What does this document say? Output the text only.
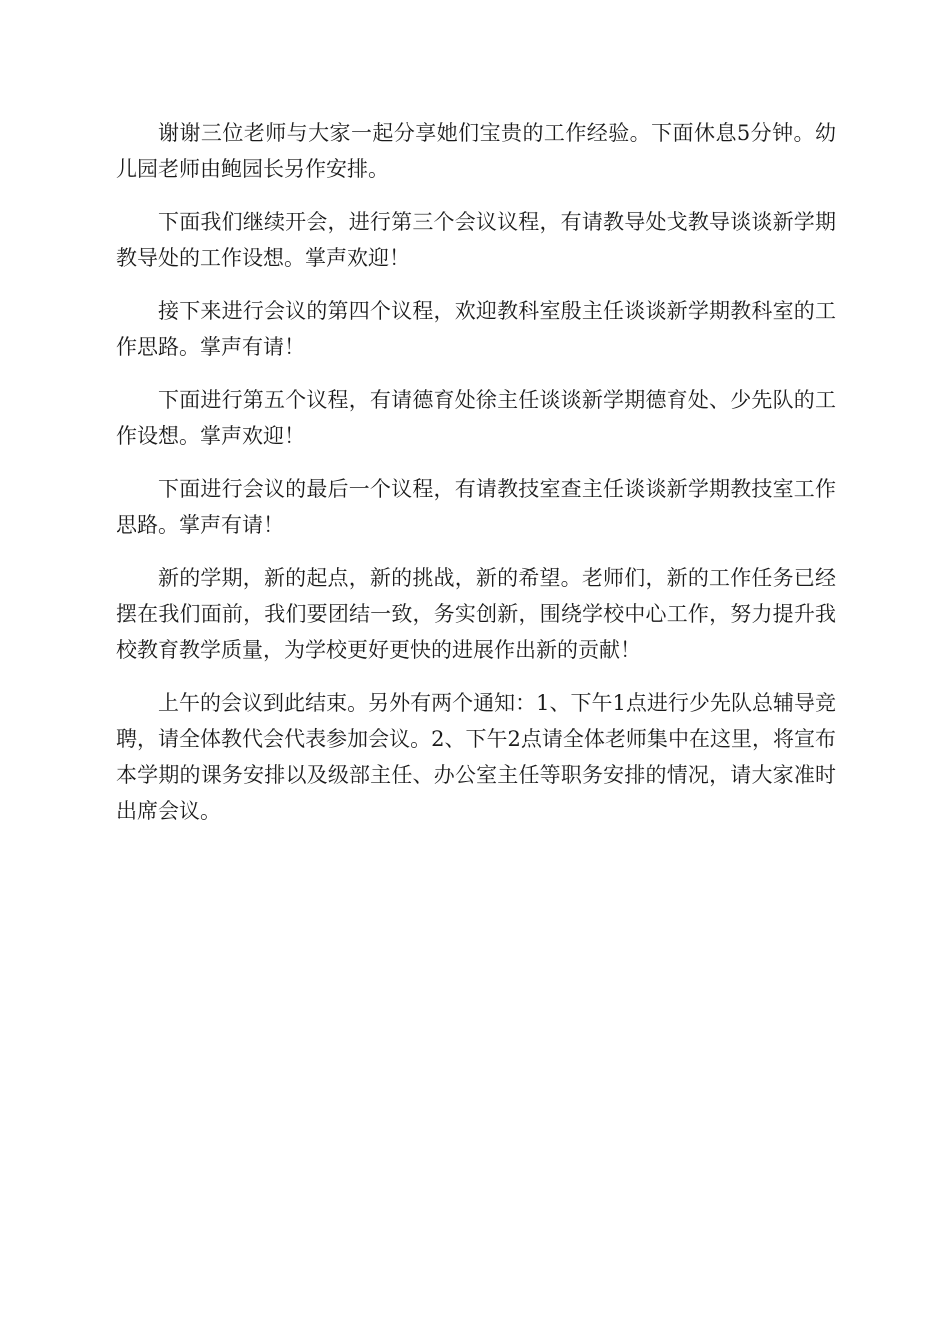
谢谢三位老师与大家一起分享她们宝贵的工作经验。下面休息5分钟。幼儿园老师由鲍园长另作安排。

下面我们继续开会，进行第三个会议议程，有请教导处戈教导谈谈新学期教导处的工作设想。掌声欢迎！

接下来进行会议的第四个议程，欢迎教科室殷主任谈谈新学期教科室的工作思路。掌声有请！

下面进行第五个议程，有请德育处徐主任谈谈新学期德育处、少先队的工作设想。掌声欢迎！

下面进行会议的最后一个议程，有请教技室查主任谈谈新学期教技室工作思路。掌声有请！

新的学期，新的起点，新的挑战，新的希望。老师们，新的工作任务已经摆在我们面前，我们要团结一致，务实创新，围绕学校中心工作，努力提升我校教育教学质量，为学校更好更快的进展作出新的贡献！

上午的会议到此结束。另外有两个通知：1、下午1点进行少先队总辅导竞聘，请全体教代会代表参加会议。2、下午2点请全体老师集中在这里，将宣布本学期的课务安排以及级部主任、办公室主任等职务安排的情况，请大家准时出席会议。
